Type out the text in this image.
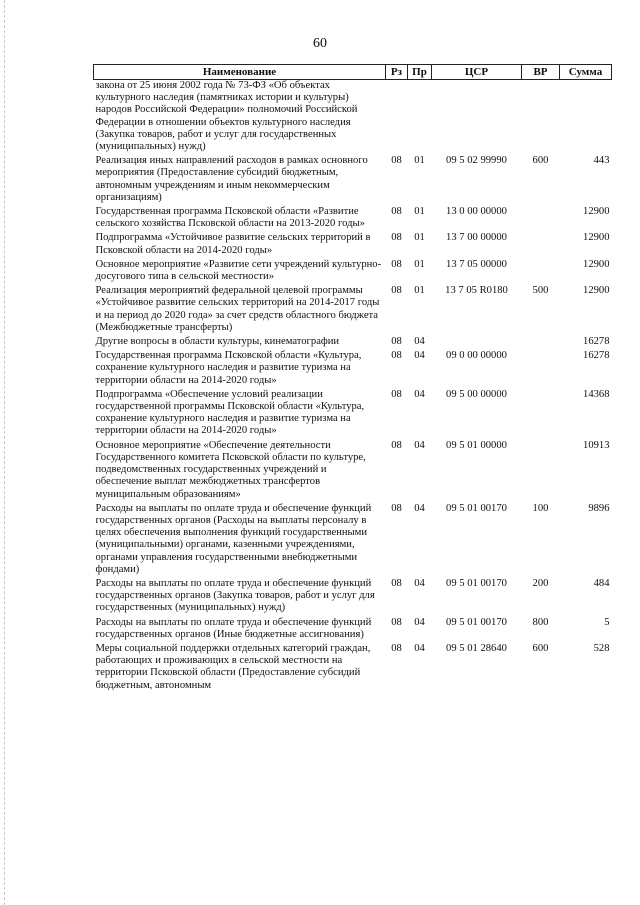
60
Наименование	Рз	Пр	ЦСР	ВР	Сумма
закона от 25 июня 2002 года № 73-ФЗ «Об объектах культурного наследия (памятниках истории и культуры) народов Российской Федерации» полномочий Российской Федерации в отношении объектов культурного наследия (Закупка товаров, работ и услуг для государственных (муниципальных) нужд)					
Реализация иных направлений расходов в рамках основного мероприятия (Предоставление субсидий бюджетным, автономным учреждениям и иным некоммерческим организациям)	08	01	09 5 02 99990	600	443
Государственная программа Псковской области «Развитие сельского хозяйства Псковской области на 2013-2020 годы»	08	01	13 0 00 00000		12900
Подпрограмма «Устойчивое развитие сельских территорий в Псковской области на 2014-2020 годы»	08	01	13 7 00 00000		12900
Основное мероприятие «Развитие сети учреждений культурно-досугового типа в сельской местности»	08	01	13 7 05 00000		12900
Реализация мероприятий федеральной целевой программы «Устойчивое развитие сельских территорий на 2014-2017 годы и на период до 2020 года» за счет средств областного бюджета (Межбюджетные трансферты)	08	01	13 7 05 R0180	500	12900
Другие вопросы в области культуры, кинематографии	08	04			16278
Государственная программа Псковской области «Культура, сохранение культурного наследия и развитие туризма на территории области на 2014-2020 годы»	08	04	09 0 00 00000		16278
Подпрограмма «Обеспечение условий реализации государственной программы Псковской области «Культура, сохранение культурного наследия и развитие туризма на территории области на 2014-2020 годы»	08	04	09 5 00 00000		14368
Основное мероприятие «Обеспечение деятельности Государственного комитета Псковской области по культуре, подведомственных государственных учреждений и обеспечение выплат межбюджетных трансфертов муниципальным образованиям»	08	04	09 5 01 00000		10913
Расходы на выплаты по оплате труда и обеспечение функций государственных органов (Расходы на выплаты персоналу в целях обеспечения выполнения функций государственными (муниципальными) органами, казенными учреждениями, органами управления государственными внебюджетными фондами)	08	04	09 5 01 00170	100	9896
Расходы на выплаты по оплате труда и обеспечение функций государственных органов (Закупка товаров, работ и услуг для государственных (муниципальных) нужд)	08	04	09 5 01 00170	200	484
Расходы на выплаты по оплате труда и обеспечение функций государственных органов (Иные бюджетные ассигнования)	08	04	09 5 01 00170	800	5
Меры социальной поддержки отдельных категорий граждан, работающих и проживающих в сельской местности на территории Псковской области (Предоставление субсидий бюджетным, автономным	08	04	09 5 01 28640	600	528
